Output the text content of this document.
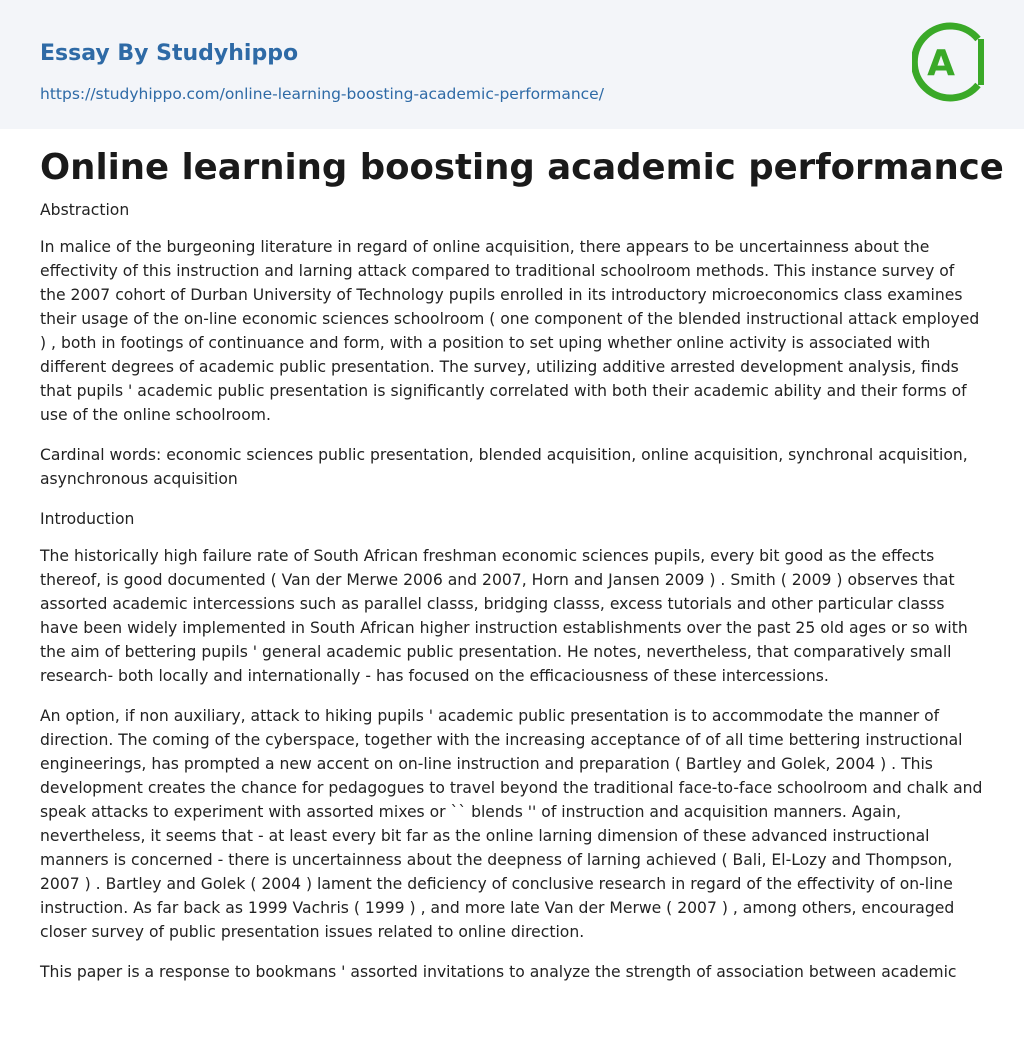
Essay By Studyhippo
https://studyhippo.com/online-learning-boosting-academic-performance/
A
Online learning boosting academic performance
Abstraction

In malice of the burgeoning literature in regard of online acquisition, there appears to be uncertainness about the effectivity of this instruction and larning attack compared to traditional schoolroom methods. This instance survey of the 2007 cohort of Durban University of Technology pupils enrolled in its introductory microeconomics class examines their usage of the on-line economic sciences schoolroom ( one component of the blended instructional attack employed ) , both in footings of continuance and form, with a position to set uping whether online activity is associated with different degrees of academic public presentation. The survey, utilizing additive arrested development analysis, finds that pupils ' academic public presentation is significantly correlated with both their academic ability and their forms of use of the online schoolroom.

Cardinal words: economic sciences public presentation, blended acquisition, online acquisition, synchronal acquisition, asynchronous acquisition

Introduction

The historically high failure rate of South African freshman economic sciences pupils, every bit good as the effects thereof, is good documented ( Van der Merwe 2006 and 2007, Horn and Jansen 2009 ) . Smith ( 2009 ) observes that assorted academic intercessions such as parallel classs, bridging classs, excess tutorials and other particular classs have been widely implemented in South African higher instruction establishments over the past 25 old ages or so with the aim of bettering pupils ' general academic public presentation. He notes, nevertheless, that comparatively small research- both locally and internationally - has focused on the efficaciousness of these intercessions.

An option, if non auxiliary, attack to hiking pupils ' academic public presentation is to accommodate the manner of direction. The coming of the cyberspace, together with the increasing acceptance of of all time bettering instructional engineerings, has prompted a new accent on on-line instruction and preparation ( Bartley and Golek, 2004 ) . This development creates the chance for pedagogues to travel beyond the traditional face-to-face schoolroom and chalk and speak attacks to experiment with assorted mixes or `` blends '' of instruction and acquisition manners. Again, nevertheless, it seems that - at least every bit far as the online larning dimension of these advanced instructional manners is concerned - there is uncertainness about the deepness of larning achieved ( Bali, El-Lozy and Thompson, 2007 ) . Bartley and Golek ( 2004 ) lament the deficiency of conclusive research in regard of the effectivity of on-line instruction. As far back as 1999 Vachris ( 1999 ) , and more late Van der Merwe ( 2007 ) , among others, encouraged closer survey of public presentation issues related to online direction.

This paper is a response to bookmans ' assorted invitations to analyze the strength of association between academic
